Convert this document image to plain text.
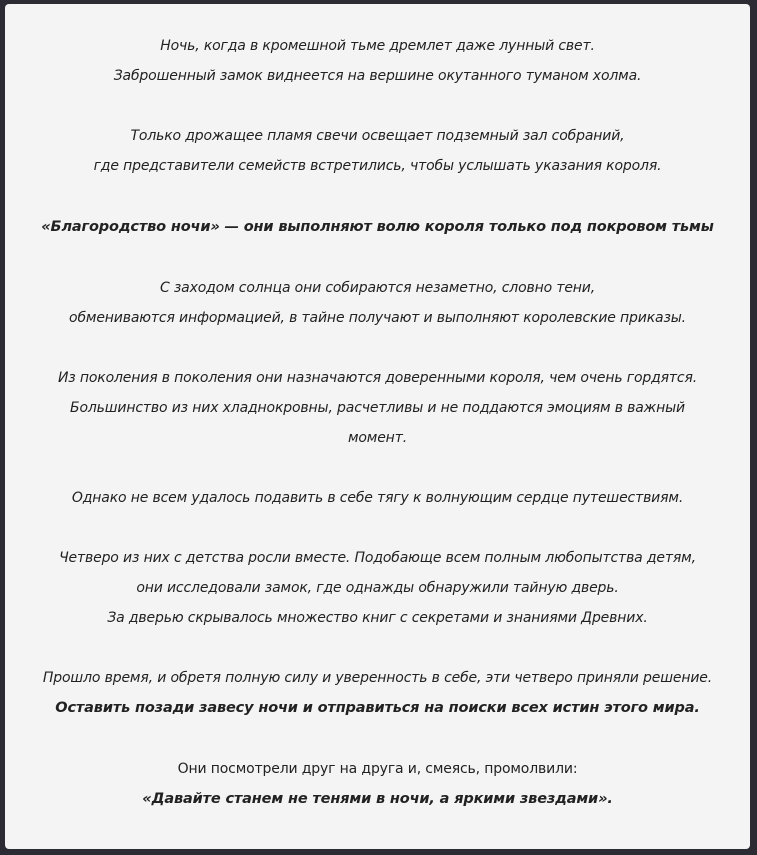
Ночь, когда в кромешной тьме дремлет даже лунный свет.
Заброшенный замок виднеется на вершине окутанного туманом холма.
Только дрожащее пламя свечи освещает подземный зал собраний,
где представители семейств встретились, чтобы услышать указания короля.
«Благородство ночи» — они выполняют волю короля только под покровом тьмы
С заходом солнца они собираются незаметно, словно тени,
обмениваются информацией, в тайне получают и выполняют королевские приказы.
Из поколения в поколения они назначаются доверенными короля, чем очень гордятся.
Большинство из них хладнокровны, расчетливы и не поддаются эмоциям в важный момент.
Однако не всем удалось подавить в себе тягу к волнующим сердце путешествиям.
Четверо из них с детства росли вместе. Подобающе всем полным любопытства детям,
они исследовали замок, где однажды обнаружили тайную дверь.
За дверью скрывалось множество книг с секретами и знаниями Древних.
Прошло время, и обретя полную силу и уверенность в себе, эти четверо приняли решение.
Оставить позади завесу ночи и отправиться на поиски всех истин этого мира.
Они посмотрели друг на друга и, смеясь, промолвили:
«Давайте станем не тенями в ночи, а яркими звездами».
